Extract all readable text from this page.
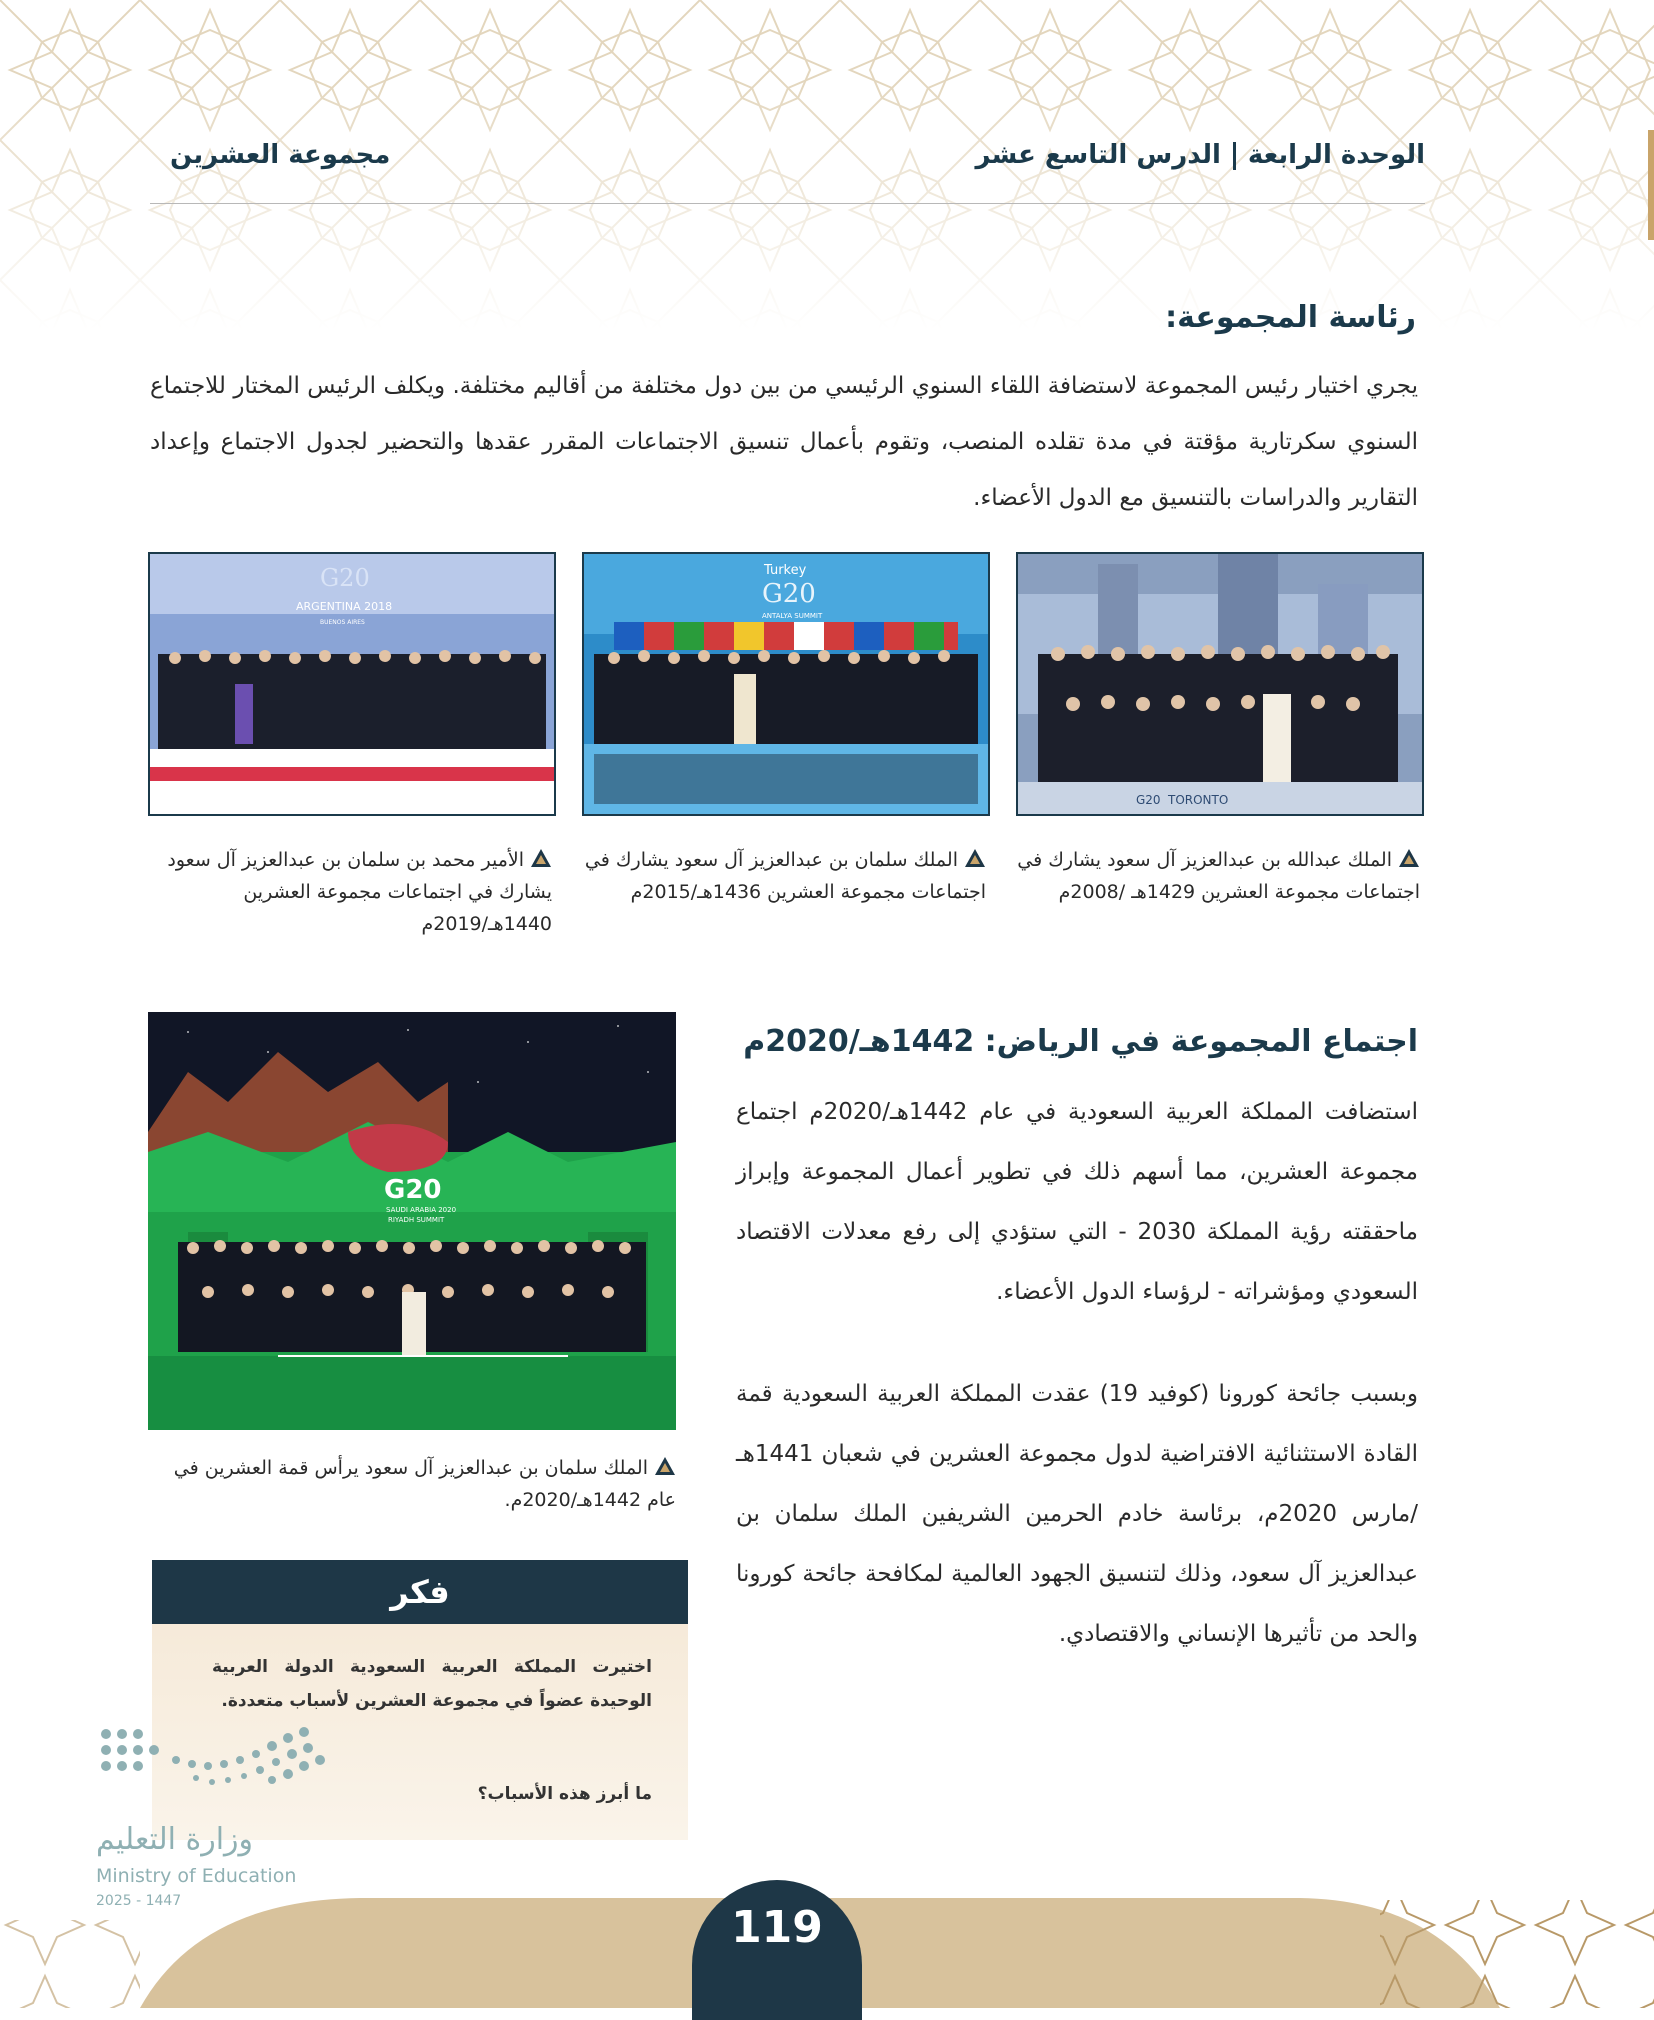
الوحدة الرابعةالدرس التاسع عشر
مجموعة العشرين
رئاسة المجموعة:
يجري اختيار رئيس المجموعة لاستضافة اللقاء السنوي الرئيسي من بين دول مختلفة من أقاليم مختلفة. ويكلف الرئيس المختار للاجتماع السنوي سكرتارية مؤقتة في مدة تقلده المنصب، وتقوم بأعمال تنسيق الاجتماعات المقرر عقدها والتحضير لجدول الاجتماع وإعداد التقارير والدراسات بالتنسيق مع الدول الأعضاء.
G20 TORONTO
Turkey
G20
ANTALYA SUMMIT
G20
ARGENTINA 2018
BUENOS AIRES
الملك عبدالله بن عبدالعزيز آل سعود يشارك في اجتماعات مجموعة العشرين 1429هـ /2008م
الملك سلمان بن عبدالعزيز آل سعود يشارك في اجتماعات مجموعة العشرين 1436هـ/2015م
الأمير محمد بن سلمان بن عبدالعزيز آل سعود يشارك في اجتماعات مجموعة العشرين 1440هـ/2019م
اجتماع المجموعة في الرياض: 1442هـ/2020م
استضافت المملكة العربية السعودية في عام 1442هـ/2020م اجتماع مجموعة العشرين، مما أسهم ذلك في تطوير أعمال المجموعة وإبراز ماحققته رؤية المملكة 2030 - التي ستؤدي إلى رفع معدلات الاقتصاد السعودي ومؤشراته - لرؤساء الدول الأعضاء.
وبسبب جائحة كورونا (كوفيد 19) عقدت المملكة العربية السعودية قمة القادة الاستثنائية الافتراضية لدول مجموعة العشرين في شعبان 1441هـ /مارس 2020م، برئاسة خادم الحرمين الشريفين الملك سلمان بن عبدالعزيز آل سعود، وذلك لتنسيق الجهود العالمية لمكافحة جائحة كورونا والحد من تأثيرها الإنساني والاقتصادي.
G20
SAUDI ARABIA 2020
RIYADH SUMMIT
الملك سلمان بن عبدالعزيز آل سعود يرأس قمة العشرين في عام 1442هـ/2020م.
فكر
اختيرت المملكة العربية السعودية الدولة العربية الوحيدة عضواً في مجموعة العشرين لأسباب متعددة.
ما أبرز هذه الأسباب؟
وزارة التعليم
Ministry of Education
2025 - 1447
119
